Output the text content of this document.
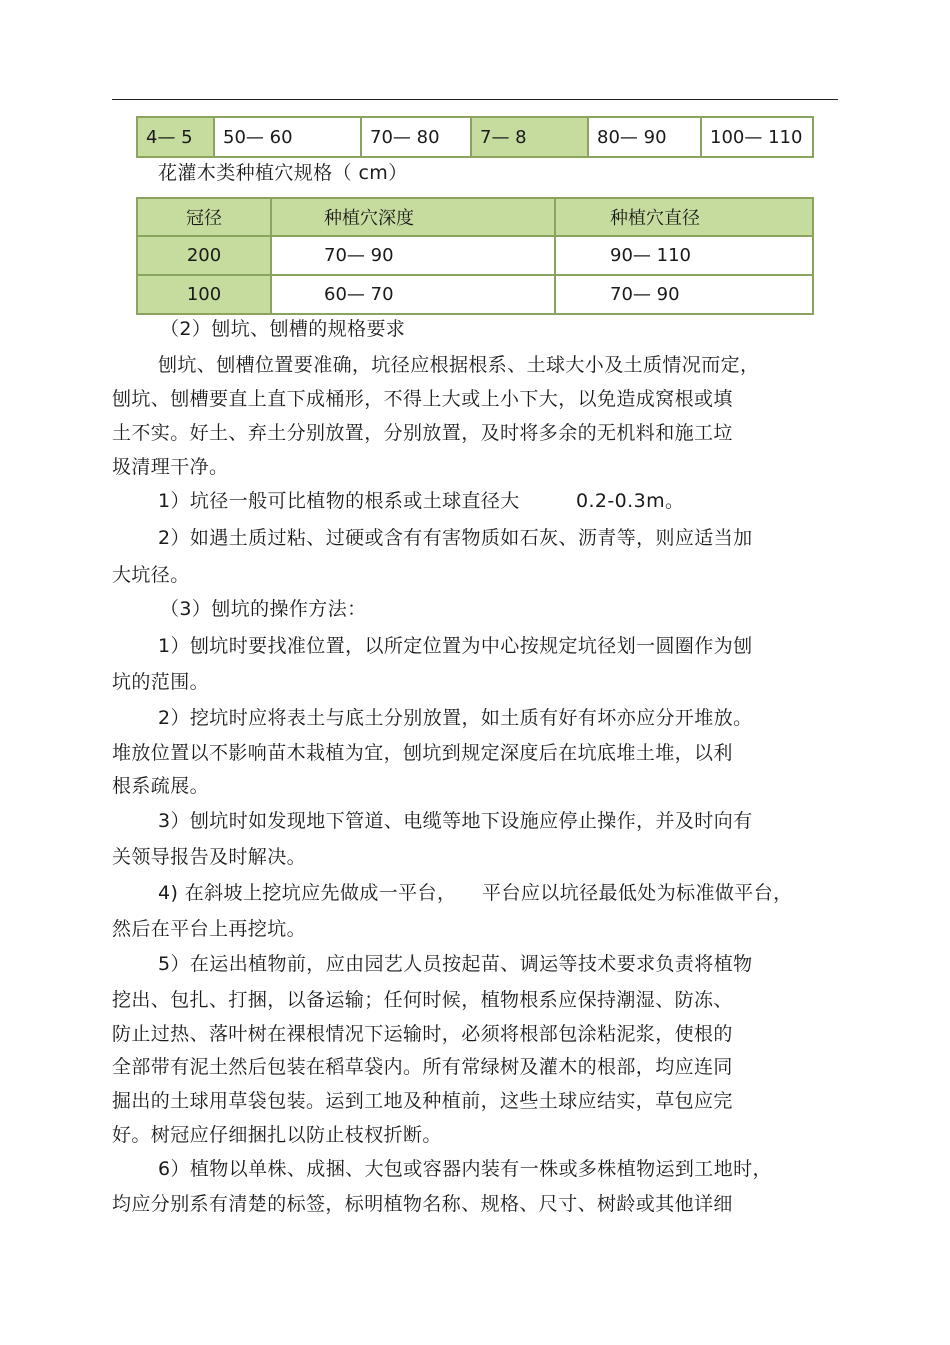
4— 5	50— 60	70— 80	7— 8	80— 90	100— 110
花灌木类种植穴规格（ cm）
冠径	种植穴深度	种植穴直径
200	70— 90	90— 110
100	60— 70	70— 90
（2）刨坑、刨槽的规格要求
刨坑、刨槽位置要准确，坑径应根据根系、土球大小及土质情况而定，
刨坑、刨槽要直上直下成桶形，不得上大或上小下大，以免造成窝根或填
土不实。好土、弃土分别放置，分别放置，及时将多余的无机料和施工垃
圾清理干净。
1）坑径一般可比植物的根系或土球直径大	0.2-0.3m。
2）如遇土质过粘、过硬或含有有害物质如石灰、沥青等，则应适当加
大坑径。
（3）刨坑的操作方法：
1）刨坑时要找准位置，以所定位置为中心按规定坑径划一圆圈作为刨
坑的范围。
2）挖坑时应将表土与底土分别放置，如土质有好有坏亦应分开堆放。
堆放位置以不影响苗木栽植为宜，刨坑到规定深度后在坑底堆土堆，以利
根系疏展。
3）刨坑时如发现地下管道、电缆等地下设施应停止操作，并及时向有
关领导报告及时解决。
4) 在斜坡上挖坑应先做成一平台，    平台应以坑径最低处为标准做平台，
然后在平台上再挖坑。
5）在运出植物前，应由园艺人员按起苗、调运等技术要求负责将植物
挖出、包扎、打捆，以备运输；任何时候，植物根系应保持潮湿、防冻、
防止过热、落叶树在裸根情况下运输时，必须将根部包涂粘泥浆，使根的
全部带有泥土然后包装在稻草袋内。所有常绿树及灌木的根部，均应连同
掘出的土球用草袋包装。运到工地及种植前，这些土球应结实，草包应完
好。树冠应仔细捆扎以防止枝杈折断。
6）植物以单株、成捆、大包或容器内装有一株或多株植物运到工地时，
均应分别系有清楚的标签，标明植物名称、规格、尺寸、树龄或其他详细
